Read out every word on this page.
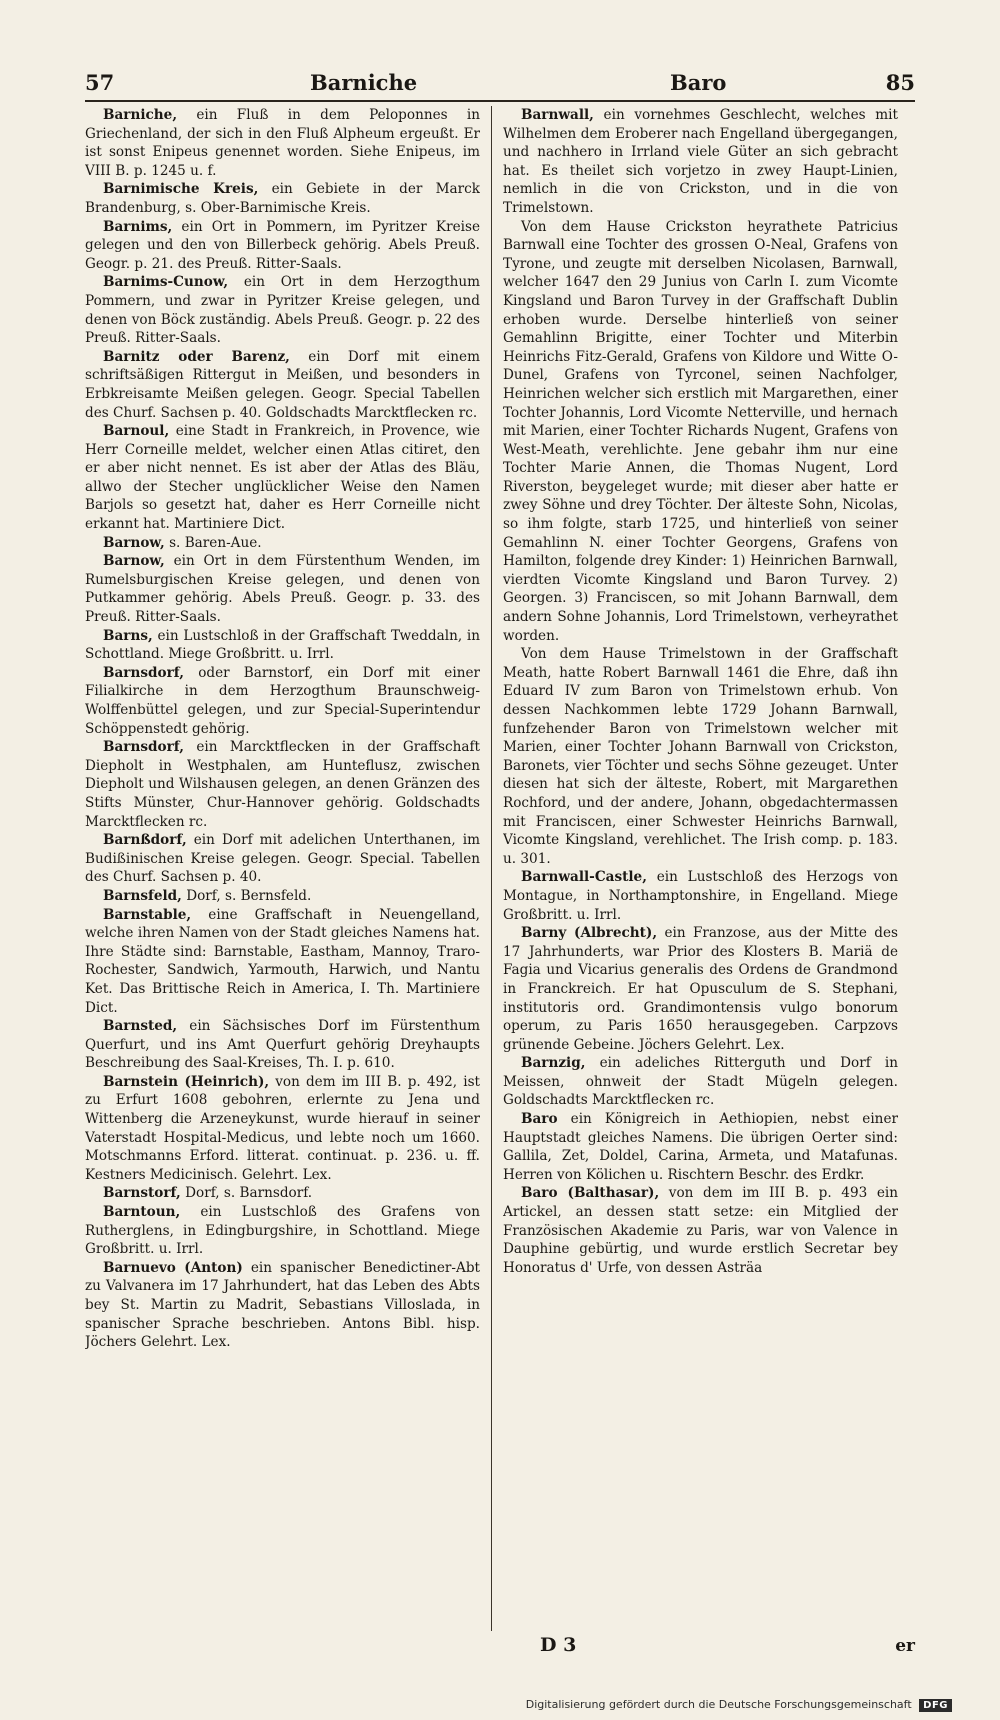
57	Barniche	Baro	85

Barniche, ein Fluß in dem Peloponnes in Griechenland, der sich in den Fluß Alpheum ergeußt. Er ist sonst Enipeus genennet worden. Siehe Enipeus, im VIII B. p. 1245 u. f.

Barnimische Kreis, ein Gebiete in der Marck Brandenburg, s. Ober-Barnimische Kreis.

Barnims, ein Ort in Pommern, im Pyritzer Kreise gelegen und den von Billerbeck gehörig. Abels Preuß. Geogr. p. 21. des Preuß. Ritter-Saals.

Barnims-Cunow, ein Ort in dem Herzogthum Pommern, und zwar in Pyritzer Kreise gelegen, und denen von Böck zuständig. Abels Preuß. Geogr. p. 22 des Preuß. Ritter-Saals.

Barnitz oder Barenz, ein Dorf mit einem schriftsäßigen Rittergut in Meißen, und besonders in Erbkreisamte Meißen gelegen. Geogr. Special Tabellen des Churf. Sachsen p. 40. Goldschadts Marcktflecken rc.

Barnoul, eine Stadt in Frankreich, in Provence, wie Herr Corneille meldet, welcher einen Atlas citiret, den er aber nicht nennet. Es ist aber der Atlas des Bläu, allwo der Stecher unglücklicher Weise den Namen Barjols so gesetzt hat, daher es Herr Corneille nicht erkannt hat. Martiniere Dict.

Barnow, s. Baren-Aue.

Barnow, ein Ort in dem Fürstenthum Wenden, im Rumelsburgischen Kreise gelegen, und denen von Putkammer gehörig. Abels Preuß. Geogr. p. 33. des Preuß. Ritter-Saals.

Barns, ein Lustschloß in der Graffschaft Tweddaln, in Schottland. Miege Großbritt. u. Irrl.

Barnsdorf, oder Barnstorf, ein Dorf mit einer Filialkirche in dem Herzogthum Braunschweig-Wolffenbüttel gelegen, und zur Special-Superintendur Schöppenstedt gehörig.

Barnsdorf, ein Marcktflecken in der Graffschaft Diepholt in Westphalen, am Hunteflusz, zwischen Diepholt und Wilshausen gelegen, an denen Gränzen des Stifts Münster, Chur-Hannover gehörig. Goldschadts Marcktflecken rc.

Barnßdorf, ein Dorf mit adelichen Unterthanen, im Budißinischen Kreise gelegen. Geogr. Special. Tabellen des Churf. Sachsen p. 40.

Barnsfeld, Dorf, s. Bernsfeld.

Barnstable, eine Graffschaft in Neuengelland, welche ihren Namen von der Stadt gleiches Namens hat. Ihre Städte sind: Barnstable, Eastham, Mannoy, Traro-Rochester, Sandwich, Yarmouth, Harwich, und Nantu Ket. Das Brittische Reich in America, I. Th. Martiniere Dict.

Barnsted, ein Sächsisches Dorf im Fürstenthum Querfurt, und ins Amt Querfurt gehörig Dreyhaupts Beschreibung des Saal-Kreises, Th. I. p. 610.

Barnstein (Heinrich), von dem im III B. p. 492, ist zu Erfurt 1608 gebohren, erlernte zu Jena und Wittenberg die Arzeneykunst, wurde hierauf in seiner Vaterstadt Hospital-Medicus, und lebte noch um 1660. Motschmanns Erford. litterat. continuat. p. 236. u. ff. Kestners Medicinisch. Gelehrt. Lex.

Barnstorf, Dorf, s. Barnsdorf.

Barntoun, ein Lustschloß des Grafens von Rutherglens, in Edingburgshire, in Schottland. Miege Großbritt. u. Irrl.

Barnuevo (Anton) ein spanischer Benedictiner-Abt zu Valvanera im 17 Jahrhundert, hat das Leben des Abts bey St. Martin zu Madrit, Sebastians Villoslada, in spanischer Sprache beschrieben. Antons Bibl. hisp. Jöchers Gelehrt. Lex.

Barnwall, ein vornehmes Geschlecht, welches mit Wilhelmen dem Eroberer nach Engelland übergegangen, und nachhero in Irrland viele Güter an sich gebracht hat. Es theilet sich vorjetzo in zwey Haupt-Linien, nemlich in die von Crickston, und in die von Trimelstown.

Von dem Hause Crickston heyrathete Patricius Barnwall eine Tochter des grossen O-Neal, Grafens von Tyrone, und zeugte mit derselben Nicolasen, Barnwall, welcher 1647 den 29 Junius von Carln I. zum Vicomte Kingsland und Baron Turvey in der Graffschaft Dublin erhoben wurde. Derselbe hinterließ von seiner Gemahlinn Brigitte, einer Tochter und Miterbin Heinrichs Fitz-Gerald, Grafens von Kildore und Witte O-Dunel, Grafens von Tyrconel, seinen Nachfolger, Heinrichen welcher sich erstlich mit Margarethen, einer Tochter Johannis, Lord Vicomte Netterville, und hernach mit Marien, einer Tochter Richards Nugent, Grafens von West-Meath, verehlichte. Jene gebahr ihm nur eine Tochter Marie Annen, die Thomas Nugent, Lord Riverston, beygeleget wurde; mit dieser aber hatte er zwey Söhne und drey Töchter. Der älteste Sohn, Nicolas, so ihm folgte, starb 1725, und hinterließ von seiner Gemahlinn N. einer Tochter Georgens, Grafens von Hamilton, folgende drey Kinder: 1) Heinrichen Barnwall, vierdten Vicomte Kingsland und Baron Turvey. 2) Georgen. 3) Franciscen, so mit Johann Barnwall, dem andern Sohne Johannis, Lord Trimelstown, verheyrathet worden.

Von dem Hause Trimelstown in der Graffschaft Meath, hatte Robert Barnwall 1461 die Ehre, daß ihn Eduard IV zum Baron von Trimelstown erhub. Von dessen Nachkommen lebte 1729 Johann Barnwall, funfzehender Baron von Trimelstown welcher mit Marien, einer Tochter Johann Barnwall von Crickston, Baronets, vier Töchter und sechs Söhne gezeuget. Unter diesen hat sich der älteste, Robert, mit Margarethen Rochford, und der andere, Johann, obgedachtermassen mit Franciscen, einer Schwester Heinrichs Barnwall, Vicomte Kingsland, verehlichet. The Irish comp. p. 183. u. 301.

Barnwall-Castle, ein Lustschloß des Herzogs von Montague, in Northamptonshire, in Engelland. Miege Großbritt. u. Irrl.

Barny (Albrecht), ein Franzose, aus der Mitte des 17 Jahrhunderts, war Prior des Klosters B. Mariä de Fagia und Vicarius generalis des Ordens de Grandmond in Franckreich. Er hat Opusculum de S. Stephani, institutoris ord. Grandimontensis vulgo bonorum operum, zu Paris 1650 herausgegeben. Carpzovs grünende Gebeine. Jöchers Gelehrt. Lex.

Barnzig, ein adeliches Ritterguth und Dorf in Meissen, ohnweit der Stadt Mügeln gelegen. Goldschadts Marcktflecken rc.

Baro ein Königreich in Aethiopien, nebst einer Hauptstadt gleiches Namens. Die übrigen Oerter sind: Gallila, Zet, Doldel, Carina, Armeta, und Matafunas. Herren von Kölichen u. Rischtern Beschr. des Erdkr.

Baro (Balthasar), von dem im III B. p. 493 ein Artickel, an dessen statt setze: ein Mitglied der Französischen Akademie zu Paris, war von Valence in Dauphine gebürtig, und wurde erstlich Secretar bey Honoratus d' Urfe, von dessen Asträa

D 3	er
Digitalisierung gefördert durch die Deutsche Forschungsgemeinschaft DFG
